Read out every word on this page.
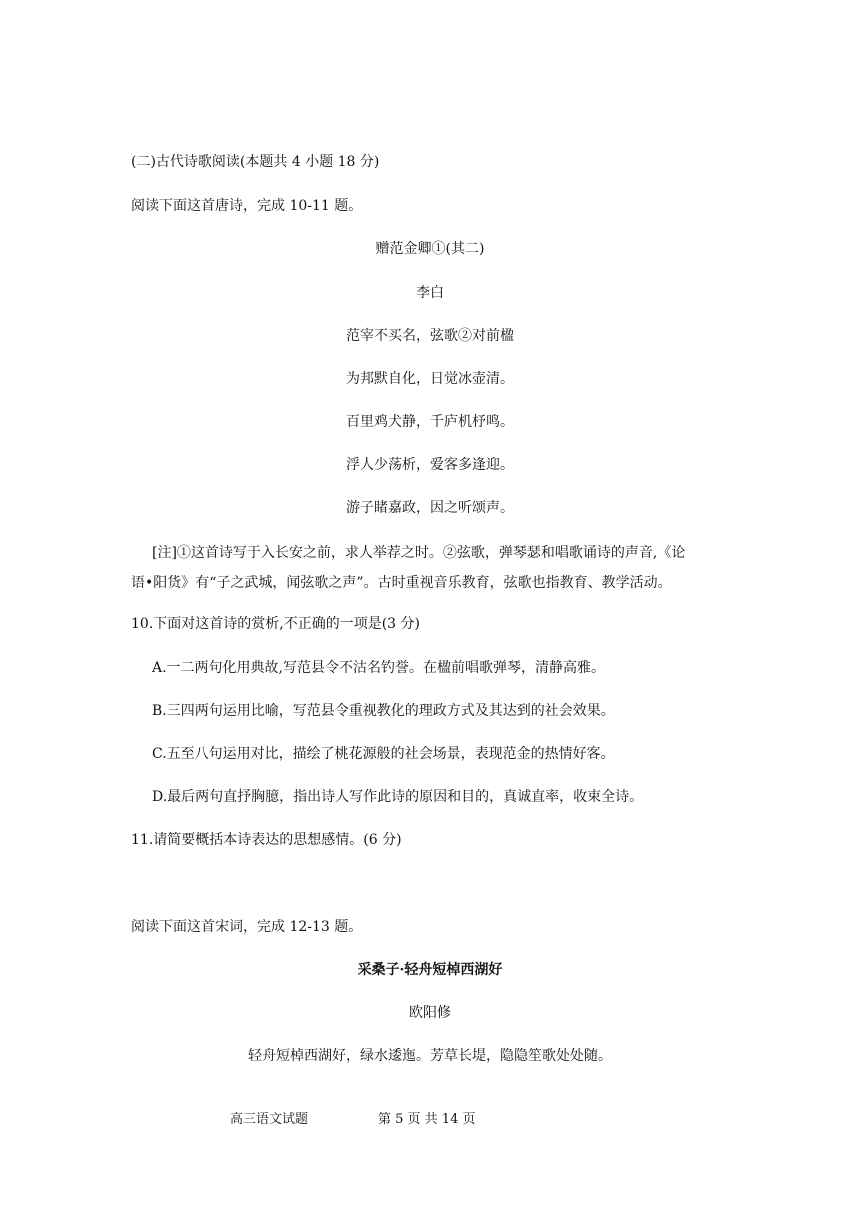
(二)古代诗歌阅读(本题共 4 小题 18 分)
阅读下面这首唐诗，完成 10-11 题。
赠范金卿①(其二)
李白
范宰不买名，弦歌②对前楹
为邦默自化，日觉冰壶清。
百里鸡犬静，千庐机杼鸣。
浮人少荡析，爱客多逢迎。
游子睹嘉政，因之听颂声。
[注]①这首诗写于入长安之前，求人举荐之时。②弦歌，弹琴瑟和唱歌诵诗的声音,《论
语•阳货》有“子之武城，闻弦歌之声”。古时重视音乐教育，弦歌也指教育、教学活动。
10.下面对这首诗的赏析,不正确的一项是(3 分)
A.一二两句化用典故,写范县令不沽名钓誉。在楹前唱歌弹琴，清静高雅。
B.三四两句运用比喻，写范县令重视教化的理政方式及其达到的社会效果。
C.五至八句运用对比，描绘了桃花源般的社会场景，表现范金的热情好客。
D.最后两句直抒胸臆，指出诗人写作此诗的原因和目的，真诚直率，收束全诗。
11.请简要概括本诗表达的思想感情。(6 分)
阅读下面这首宋词，完成 12-13 题。
采桑子·轻舟短棹西湖好
欧阳修
轻舟短棹西湖好，绿水逶迤。芳草长堤，隐隐笙歌处处随。
高三语文试题	第 5 页 共 14 页
